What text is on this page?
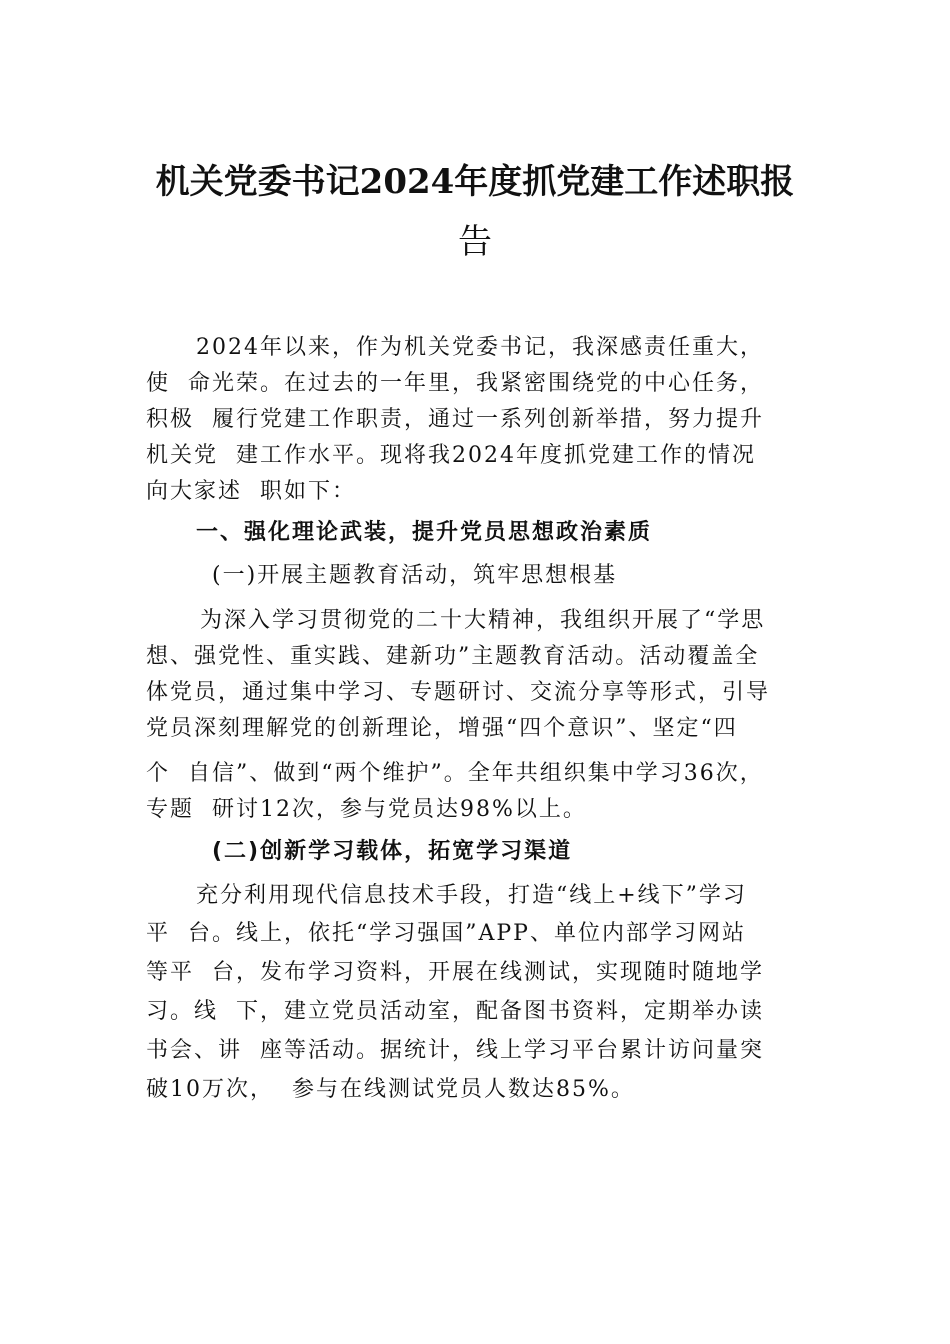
机关党委书记2024年度抓党建工作述职报
告
2024年以来，作为机关党委书记，我深感责任重大，
使  命光荣。在过去的一年里，我紧密围绕党的中心任务，
积极  履行党建工作职责，通过一系列创新举措，努力提升
机关党  建工作水平。现将我2024年度抓党建工作的情况
向大家述  职如下：
一、强化理论武装，提升党员思想政治素质
(一)开展主题教育活动，筑牢思想根基
为深入学习贯彻党的二十大精神，我组织开展了“学思
想、强党性、重实践、建新功”主题教育活动。活动覆盖全
体党员，通过集中学习、专题研讨、交流分享等形式，引导
党员深刻理解党的创新理论，增强“四个意识”、坚定“四
个  自信”、做到“两个维护”。全年共组织集中学习36次，
专题  研讨12次，参与党员达98%以上。
(二)创新学习载体，拓宽学习渠道
充分利用现代信息技术手段，打造“线上+线下”学习
平  台。线上，依托“学习强国”APP、单位内部学习网站
等平  台，发布学习资料，开展在线测试，实现随时随地学
习。线  下，建立党员活动室，配备图书资料，定期举办读
书会、讲  座等活动。据统计，线上学习平台累计访问量突
破10万次，  参与在线测试党员人数达85%。
